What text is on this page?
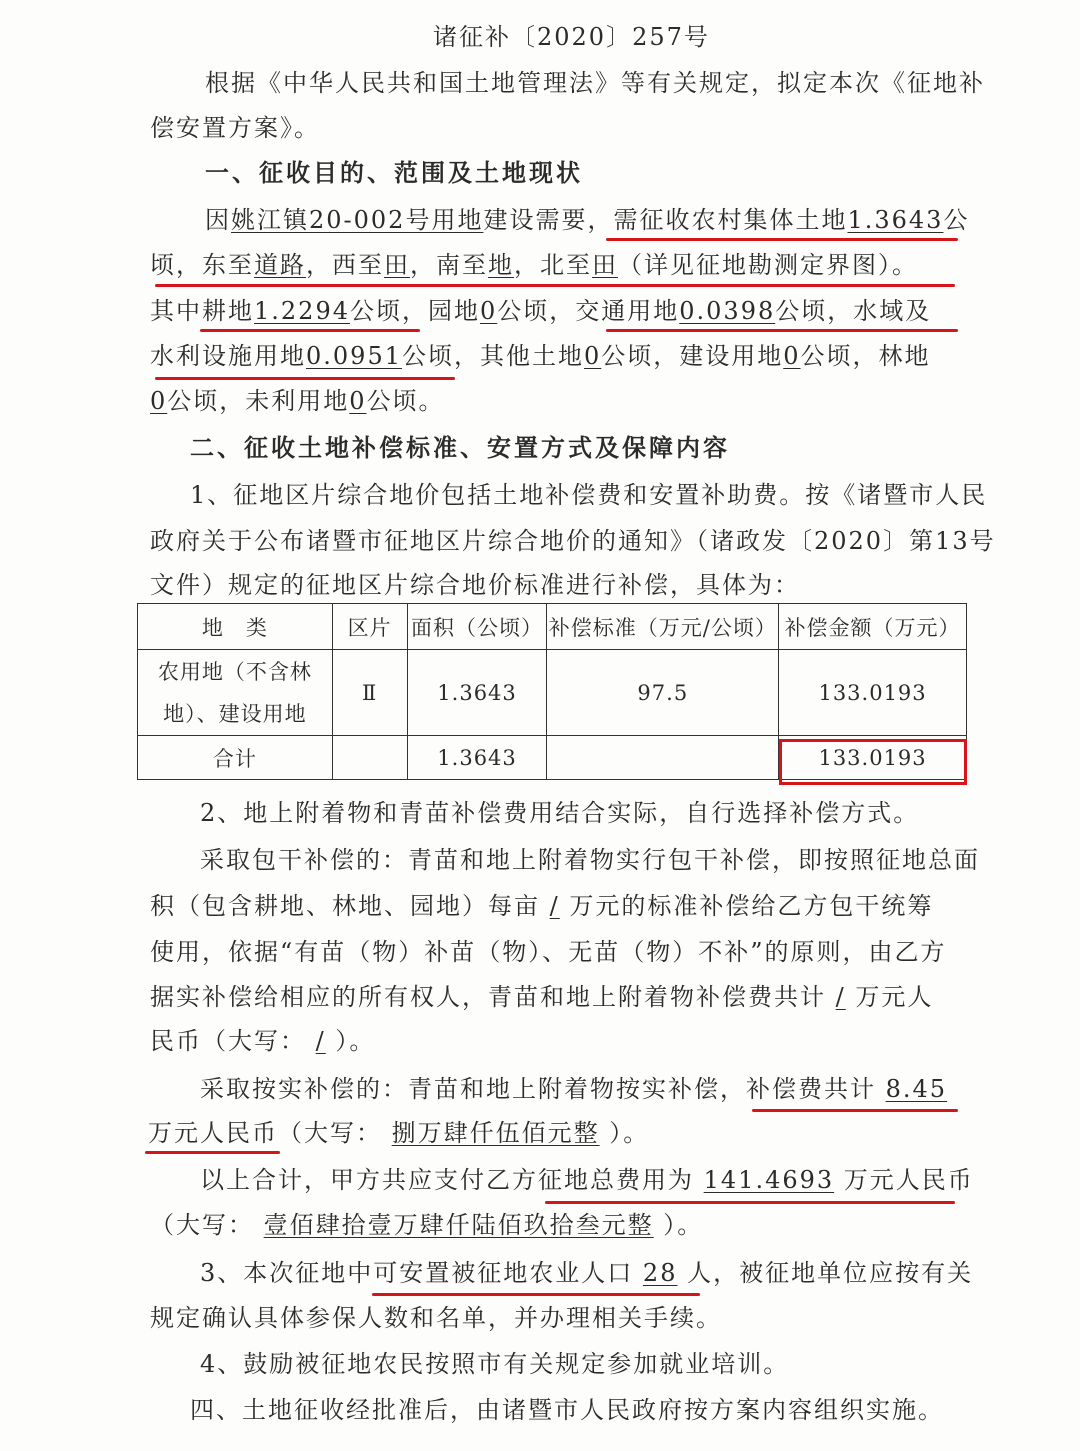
诸征补〔2020〕257号
根据《中华人民共和国土地管理法》等有关规定，拟定本次《征地补
偿安置方案》。
一、征收目的、范围及土地现状
因姚江镇20-002号用地建设需要，需征收农村集体土地1.3643公
顷，东至道路，西至田，南至地，北至田（详见征地勘测定界图）。
其中耕地1.2294公顷，园地0公顷，交通用地0.0398公顷，水域及
水利设施用地0.0951公顷，其他土地0公顷，建设用地0公顷，林地
0公顷，未利用地0公顷。
二、征收土地补偿标准、安置方式及保障内容
1、征地区片综合地价包括土地补偿费和安置补助费。按《诸暨市人民
政府关于公布诸暨市征地区片综合地价的通知》（诸政发〔2020〕第13号
文件）规定的征地区片综合地价标准进行补偿，具体为：
地　类	区片	面积（公顷）	补偿标准（万元/公顷）	补偿金额（万元）

农用地（不含林
地）、建设用地	Ⅱ	1.3643	97.5	133.0193
合计		1.3643		133.0193
2、地上附着物和青苗补偿费用结合实际，自行选择补偿方式。
采取包干补偿的：青苗和地上附着物实行包干补偿，即按照征地总面
积（包含耕地、林地、园地）每亩 / 万元的标准补偿给乙方包干统筹
使用，依据“有苗（物）补苗（物）、无苗（物）不补”的原则，由乙方
据实补偿给相应的所有权人，青苗和地上附着物补偿费共计 / 万元人
民币（大写： / ）。
采取按实补偿的：青苗和地上附着物按实补偿，补偿费共计 8.45
万元人民币（大写： 捌万肆仟伍佰元整 ）。
以上合计，甲方共应支付乙方征地总费用为 141.4693 万元人民币
（大写： 壹佰肆拾壹万肆仟陆佰玖拾叁元整 ）。
3、本次征地中可安置被征地农业人口 28 人，被征地单位应按有关
规定确认具体参保人数和名单，并办理相关手续。
4、鼓励被征地农民按照市有关规定参加就业培训。
四、土地征收经批准后，由诸暨市人民政府按方案内容组织实施。
